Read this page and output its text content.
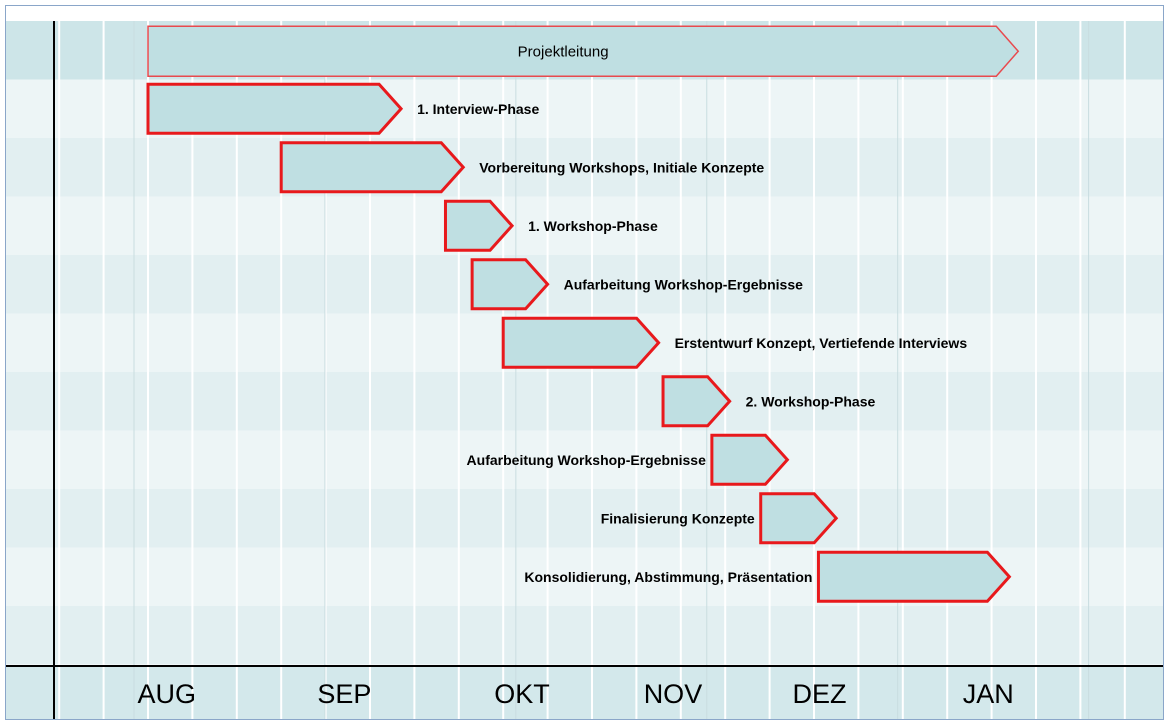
AUG	SEP	OKT	NOV	DEZ	JAN
Projektleitung
1. Interview-Phase
Vorbereitung Workshops, Initiale Konzepte
1. Workshop-Phase
Aufarbeitung Workshop-Ergebnisse
Erstentwurf Konzept, Vertiefende Interviews
2. Workshop-Phase
Aufarbeitung Workshop-Ergebnisse
Finalisierung Konzepte
Konsolidierung, Abstimmung, Präsentation
